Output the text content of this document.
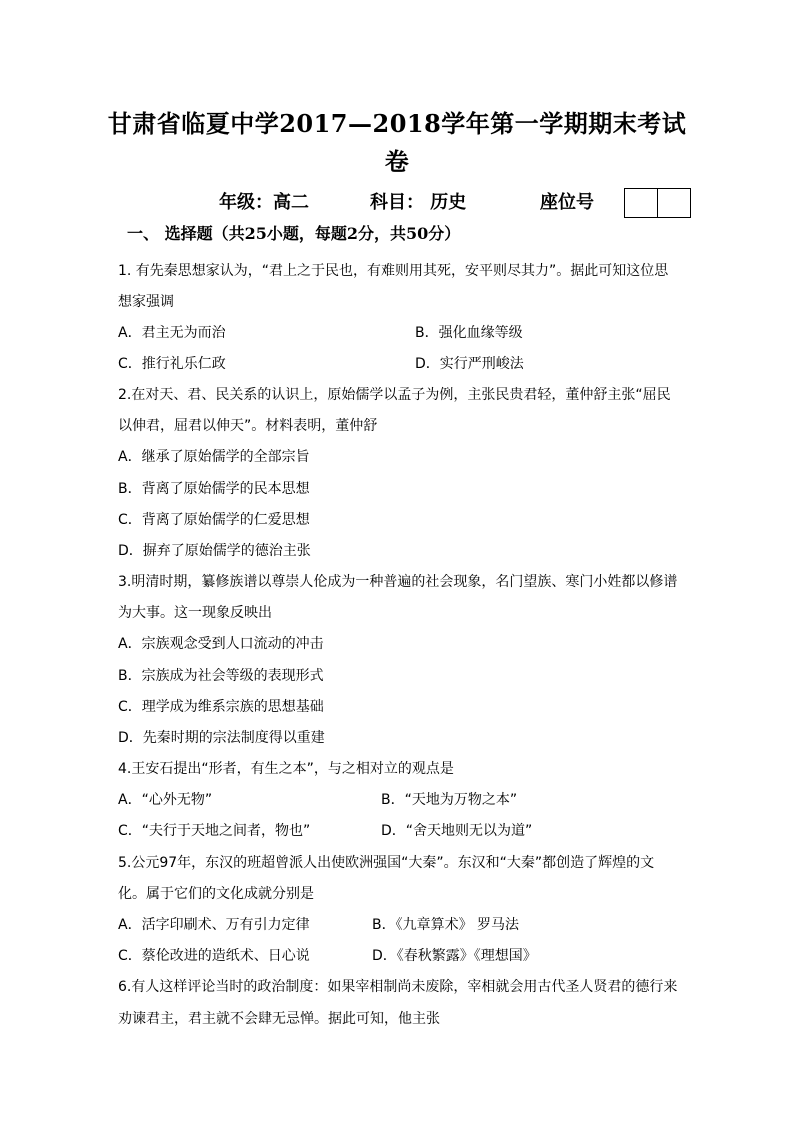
甘肃省临夏中学2017—2018学年第一学期期末考试
卷
年级：高二	科目： 历史	座位号
一、 选择题（共25小题，每题2分，共50分）
1. 有先秦思想家认为，“君上之于民也，有难则用其死，安平则尽其力”。据此可知这位思
想家强调
A．君主无为而治	B．强化血缘等级
C．推行礼乐仁政	D．实行严刑峻法
2.在对天、君、民关系的认识上，原始儒学以孟子为例，主张民贵君轻，董仲舒主张“屈民
以伸君，屈君以伸天”。材料表明，董仲舒
A．继承了原始儒学的全部宗旨
B．背离了原始儒学的民本思想
C．背离了原始儒学的仁爱思想
D．摒弃了原始儒学的德治主张
3.明清时期，纂修族谱以尊崇人伦成为一种普遍的社会现象，名门望族、寒门小姓都以修谱
为大事。这一现象反映出
A．宗族观念受到人口流动的冲击
B．宗族成为社会等级的表现形式
C．理学成为维系宗族的思想基础
D．先秦时期的宗法制度得以重建
4.王安石提出“形者，有生之本”，与之相对立的观点是
A．“心外无物”	B．“天地为万物之本”
C．“夫行于天地之间者，物也”	D．“舍天地则无以为道”
5.公元97年，东汉的班超曾派人出使欧洲强国“大秦”。东汉和“大秦”都创造了辉煌的文
化。属于它们的文化成就分别是
A．活字印刷术、万有引力定律	B．《九章算术》 罗马法
C．蔡伦改进的造纸术、日心说	D．《春秋繁露》《理想国》
6.有人这样评论当时的政治制度：如果宰相制尚未废除，宰相就会用古代圣人贤君的德行来
劝谏君主，君主就不会肆无忌惮。据此可知，他主张
